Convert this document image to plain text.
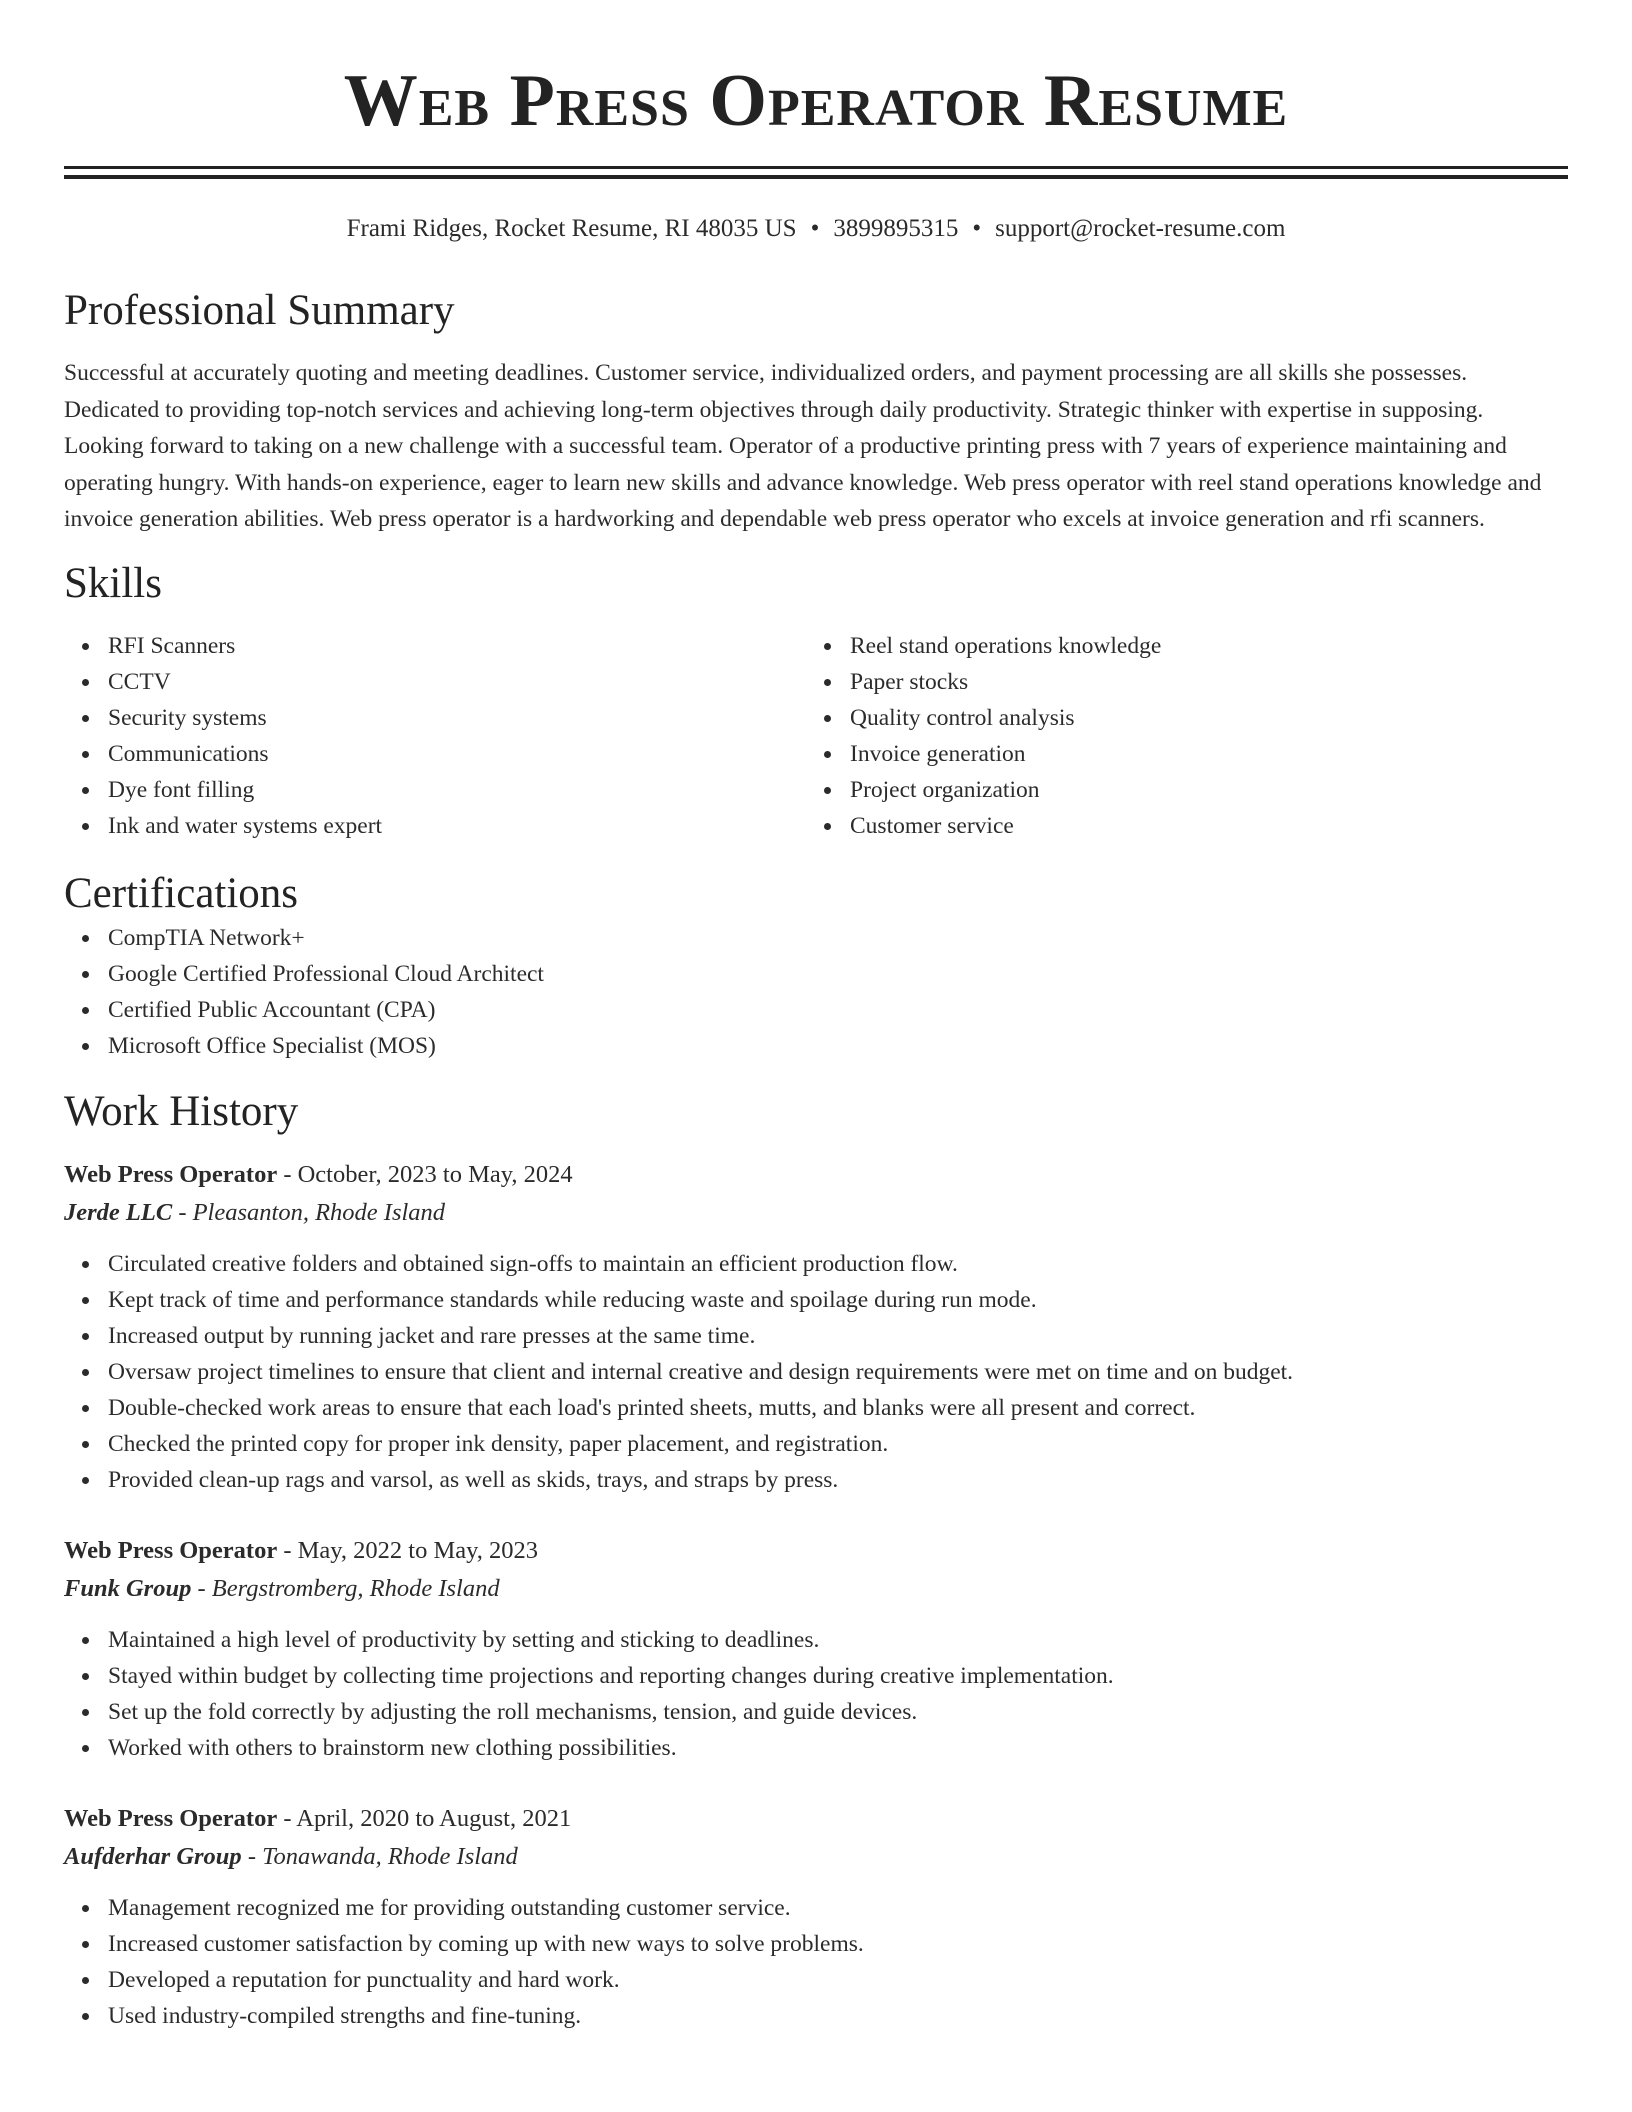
Web Press Operator Resume
Frami Ridges, Rocket Resume, RI 48035 US • 3899895315 • support@rocket-resume.com
Professional Summary

Successful at accurately quoting and meeting deadlines. Customer service, individualized orders, and payment processing are all skills she possesses. Dedicated to providing top-notch services and achieving long-term objectives through daily productivity. Strategic thinker with expertise in supposing. Looking forward to taking on a new challenge with a successful team. Operator of a productive printing press with 7 years of experience maintaining and operating hungry. With hands-on experience, eager to learn new skills and advance knowledge. Web press operator with reel stand operations knowledge and invoice generation abilities. Web press operator is a hardworking and dependable web press operator who excels at invoice generation and rfi scanners.

Skills
RFI Scanners
CCTV
Security systems
Communications
Dye font filling
Ink and water systems expert
Reel stand operations knowledge
Paper stocks
Quality control analysis
Invoice generation
Project organization
Customer service
Certifications
CompTIA Network+
Google Certified Professional Cloud Architect
Certified Public Accountant (CPA)
Microsoft Office Specialist (MOS)
Work History
Web Press Operator - October, 2023 to May, 2024
Jerde LLC - Pleasanton, Rhode Island
Circulated creative folders and obtained sign-offs to maintain an efficient production flow.
Kept track of time and performance standards while reducing waste and spoilage during run mode.
Increased output by running jacket and rare presses at the same time.
Oversaw project timelines to ensure that client and internal creative and design requirements were met on time and on budget.
Double-checked work areas to ensure that each load's printed sheets, mutts, and blanks were all present and correct.
Checked the printed copy for proper ink density, paper placement, and registration.
Provided clean-up rags and varsol, as well as skids, trays, and straps by press.
Web Press Operator - May, 2022 to May, 2023
Funk Group - Bergstromberg, Rhode Island
Maintained a high level of productivity by setting and sticking to deadlines.
Stayed within budget by collecting time projections and reporting changes during creative implementation.
Set up the fold correctly by adjusting the roll mechanisms, tension, and guide devices.
Worked with others to brainstorm new clothing possibilities.
Web Press Operator - April, 2020 to August, 2021
Aufderhar Group - Tonawanda, Rhode Island
Management recognized me for providing outstanding customer service.
Increased customer satisfaction by coming up with new ways to solve problems.
Developed a reputation for punctuality and hard work.
Used industry-compiled strengths and fine-tuning.
